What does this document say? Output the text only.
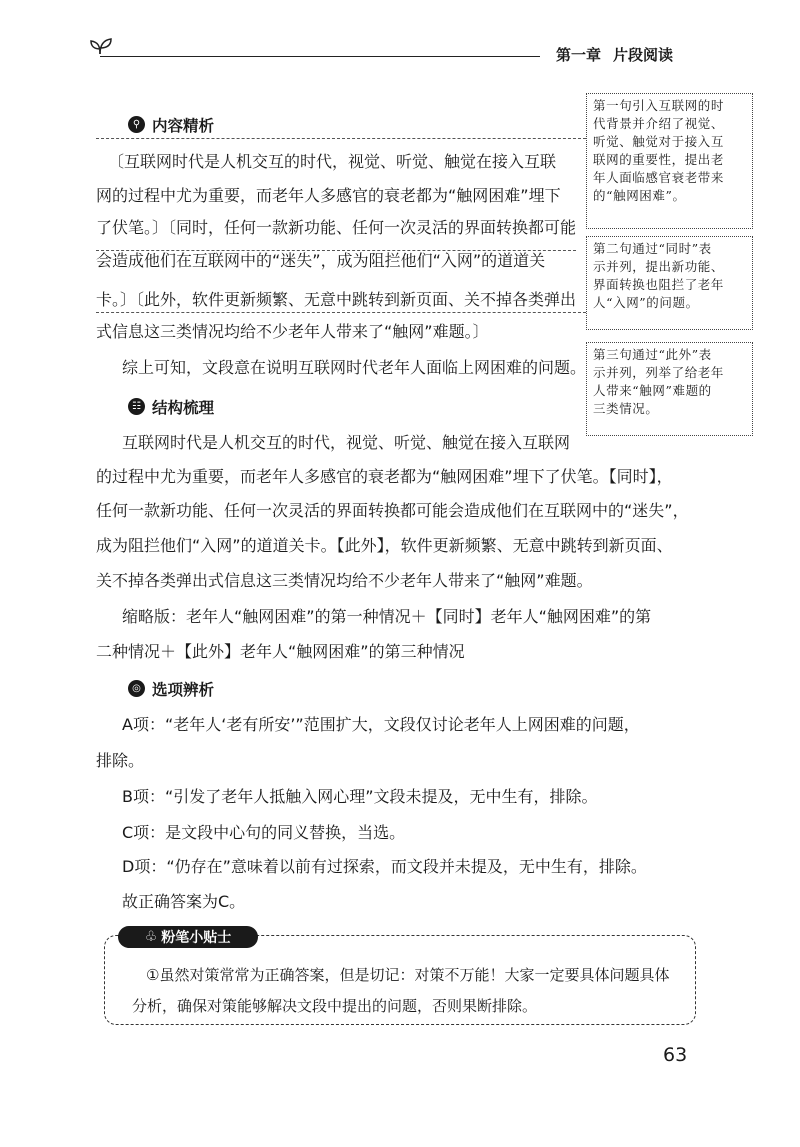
第一章 片段阅读
⚲ 内容精析
〔互联网时代是人机交互的时代，视觉、听觉、触觉在接入互联
网的过程中尤为重要，而老年人多感官的衰老都为“触网困难”埋下
了伏笔。〕〔同时，任何一款新功能、任何一次灵活的界面转换都可能
会造成他们在互联网中的“迷失”，成为阻拦他们“入网”的道道关
卡。〕〔此外，软件更新频繁、无意中跳转到新页面、关不掉各类弹出
式信息这三类情况均给不少老年人带来了“触网”难题。〕
综上可知，文段意在说明互联网时代老年人面临上网困难的问题。
第一句引入互联网的时
代背景并介绍了视觉、
听觉、触觉对于接入互
联网的重要性，提出老
年人面临感官衰老带来
的“触网困难”。
第二句通过“同时”表
示并列，提出新功能、
界面转换也阻拦了老年
人“入网”的问题。
第三句通过“此外”表
示并列，列举了给老年
人带来“触网”难题的
三类情况。
☷ 结构梳理
互联网时代是人机交互的时代，视觉、听觉、触觉在接入互联网
的过程中尤为重要，而老年人多感官的衰老都为“触网困难”埋下了伏笔。【同时】，
任何一款新功能、任何一次灵活的界面转换都可能会造成他们在互联网中的“迷失”，
成为阻拦他们“入网”的道道关卡。【此外】，软件更新频繁、无意中跳转到新页面、
关不掉各类弹出式信息这三类情况均给不少老年人带来了“触网”难题。
缩略版：老年人“触网困难”的第一种情况＋【同时】老年人“触网困难”的第
二种情况＋【此外】老年人“触网困难”的第三种情况
◎ 选项辨析
A项：“老年人‘老有所安’”范围扩大，文段仅讨论老年人上网困难的问题，
排除。
B项：“引发了老年人抵触入网心理”文段未提及，无中生有，排除。
C项：是文段中心句的同义替换，当选。
D项：“仍存在”意味着以前有过探索，而文段并未提及，无中生有，排除。
故正确答案为C。
♧ 粉笔小贴士
①虽然对策常常为正确答案，但是切记：对策不万能！大家一定要具体问题具体
分析，确保对策能够解决文段中提出的问题，否则果断排除。
63
